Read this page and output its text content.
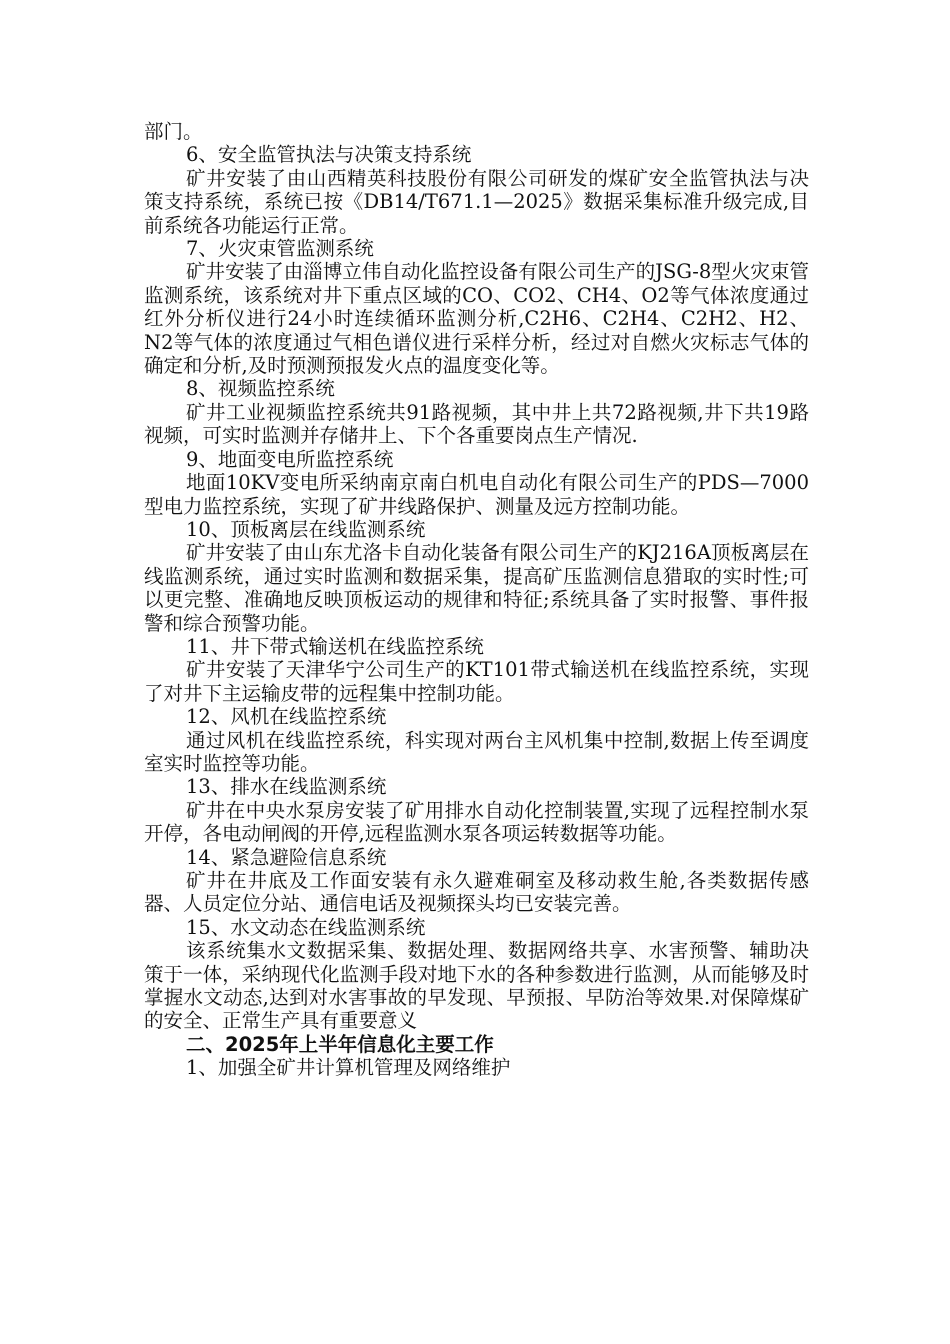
部门。

6、安全监管执法与决策支持系统

矿井安装了由山西精英科技股份有限公司研发的煤矿安全监管执法与决策支持系统，系统已按《DB14/T671.1—2025》数据采集标准升级完成,目前系统各功能运行正常。

7、火灾束管监测系统

矿井安装了由淄博立伟自动化监控设备有限公司生产的JSG-8型火灾束管监测系统，该系统对井下重点区域的CO、CO2、CH4、O2等气体浓度通过红外分析仪进行24小时连续循环监测分析,C2H6、C2H4、C2H2、H2、N2等气体的浓度通过气相色谱仪进行采样分析，经过对自燃火灾标志气体的确定和分析,及时预测预报发火点的温度变化等。

8、视频监控系统

矿井工业视频监控系统共91路视频，其中井上共72路视频,井下共19路视频，可实时监测并存储井上、下个各重要岗点生产情况.

9、地面变电所监控系统

地面10KV变电所采纳南京南白机电自动化有限公司生产的PDS—7000型电力监控系统，实现了矿井线路保护、测量及远方控制功能。

10、顶板离层在线监测系统

矿井安装了由山东尤洛卡自动化装备有限公司生产的KJ216A顶板离层在线监测系统，通过实时监测和数据采集，提高矿压监测信息猎取的实时性;可以更完整、准确地反映顶板运动的规律和特征;系统具备了实时报警、事件报警和综合预警功能。

11、井下带式输送机在线监控系统

矿井安装了天津华宁公司生产的KT101带式输送机在线监控系统，实现了对井下主运输皮带的远程集中控制功能。

12、风机在线监控系统

通过风机在线监控系统，科实现对两台主风机集中控制,数据上传至调度室实时监控等功能。

13、排水在线监测系统

矿井在中央水泵房安装了矿用排水自动化控制装置,实现了远程控制水泵开停，各电动闸阀的开停,远程监测水泵各项运转数据等功能。

14、紧急避险信息系统

矿井在井底及工作面安装有永久避难硐室及移动救生舱,各类数据传感器、人员定位分站、通信电话及视频探头均已安装完善。

15、水文动态在线监测系统

该系统集水文数据采集、数据处理、数据网络共享、水害预警、辅助决策于一体，采纳现代化监测手段对地下水的各种参数进行监测，从而能够及时掌握水文动态,达到对水害事故的早发现、早预报、早防治等效果.对保障煤矿的安全、正常生产具有重要意义

二、2025年上半年信息化主要工作

1、加强全矿井计算机管理及网络维护
